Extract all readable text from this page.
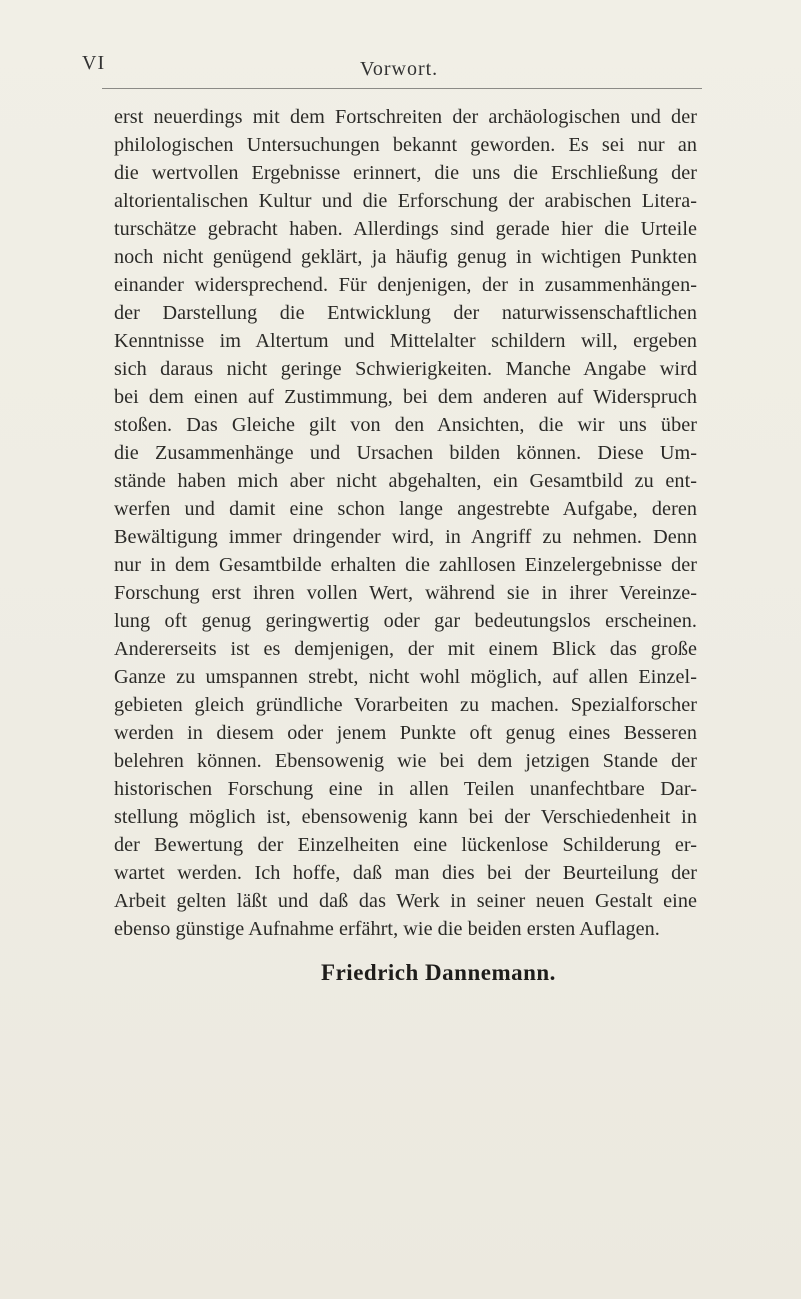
VI	Vorwort.
erst neuerdings mit dem Fortschreiten der archäologischen und der
philologischen Untersuchungen bekannt geworden. Es sei nur an
die wertvollen Ergebnisse erinnert, die uns die Erschließung der
altorientalischen Kultur und die Erforschung der arabischen Litera-
turschätze gebracht haben. Allerdings sind gerade hier die Urteile
noch nicht genügend geklärt, ja häufig genug in wichtigen Punkten
einander widersprechend. Für denjenigen, der in zusammenhängen-
der Darstellung die Entwicklung der naturwissenschaftlichen
Kenntnisse im Altertum und Mittelalter schildern will, ergeben
sich daraus nicht geringe Schwierigkeiten. Manche Angabe wird
bei dem einen auf Zustimmung, bei dem anderen auf Widerspruch
stoßen. Das Gleiche gilt von den Ansichten, die wir uns über
die Zusammenhänge und Ursachen bilden können. Diese Um-
stände haben mich aber nicht abgehalten, ein Gesamtbild zu ent-
werfen und damit eine schon lange angestrebte Aufgabe, deren
Bewältigung immer dringender wird, in Angriff zu nehmen. Denn
nur in dem Gesamtbilde erhalten die zahllosen Einzelergebnisse der
Forschung erst ihren vollen Wert, während sie in ihrer Vereinze-
lung oft genug geringwertig oder gar bedeutungslos erscheinen.
Andererseits ist es demjenigen, der mit einem Blick das große
Ganze zu umspannen strebt, nicht wohl möglich, auf allen Einzel-
gebieten gleich gründliche Vorarbeiten zu machen. Spezialforscher
werden in diesem oder jenem Punkte oft genug eines Besseren
belehren können. Ebensowenig wie bei dem jetzigen Stande der
historischen Forschung eine in allen Teilen unanfechtbare Dar-
stellung möglich ist, ebensowenig kann bei der Verschiedenheit in
der Bewertung der Einzelheiten eine lückenlose Schilderung er-
wartet werden. Ich hoffe, daß man dies bei der Beurteilung der
Arbeit gelten läßt und daß das Werk in seiner neuen Gestalt eine
ebenso günstige Aufnahme erfährt, wie die beiden ersten Auflagen.
Friedrich Dannemann.
